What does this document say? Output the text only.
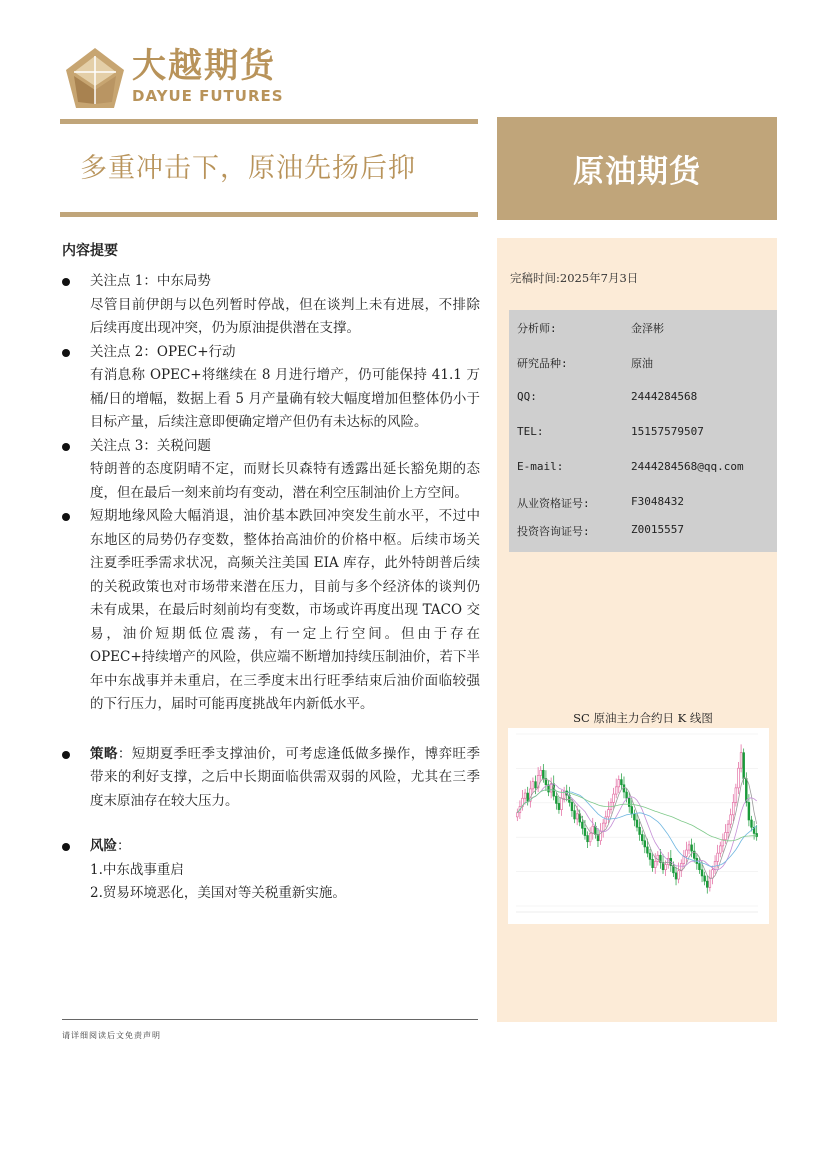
大越期货
DAYUE FUTURES
多重冲击下，原油先扬后抑	原油期货
内容提要
关注点 1：中东局势
尽管目前伊朗与以色列暂时停战，但在谈判上未有进展，不排除后续再度出现冲突，仍为原油提供潜在支撑。
关注点 2：OPEC+行动
有消息称 OPEC+将继续在 8 月进行增产，仍可能保持 41.1 万桶/日的增幅，数据上看 5 月产量确有较大幅度增加但整体仍小于目标产量，后续注意即便确定增产但仍有未达标的风险。
关注点 3：关税问题
特朗普的态度阴晴不定，而财长贝森特有透露出延长豁免期的态度，但在最后一刻来前均有变动，潜在利空压制油价上方空间。
短期地缘风险大幅消退，油价基本跌回冲突发生前水平，不过中东地区的局势仍存变数，整体抬高油价的价格中枢。后续市场关注夏季旺季需求状况，高频关注美国 EIA 库存，此外特朗普后续的关税政策也对市场带来潜在压力，目前与多个经济体的谈判仍未有成果，在最后时刻前均有变数，市场或许再度出现 TACO 交易，油价短期低位震荡，有一定上行空间。但由于存在 OPEC+持续增产的风险，供应端不断增加持续压制油价，若下半年中东战事并未重启，在三季度末出行旺季结束后油价面临较强的下行压力，届时可能再度挑战年内新低水平。
策略：短期夏季旺季支撑油价，可考虑逢低做多操作，博弈旺季带来的利好支撑，之后中长期面临供需双弱的风险，尤其在三季度末原油存在较大压力。
风险：
1.中东战事重启
2.贸易环境恶化，美国对等关税重新实施。
请详细阅读后文免责声明
完稿时间:2025年7月3日
分析师:	金泽彬
研究品种:	原油
QQ:	2444284568
TEL:	15157579507
E-mail:	2444284568@qq.com
从业资格证号:	F3048432
投资咨询证号:	Z0015557
SC 原油主力合约日 K 线图
